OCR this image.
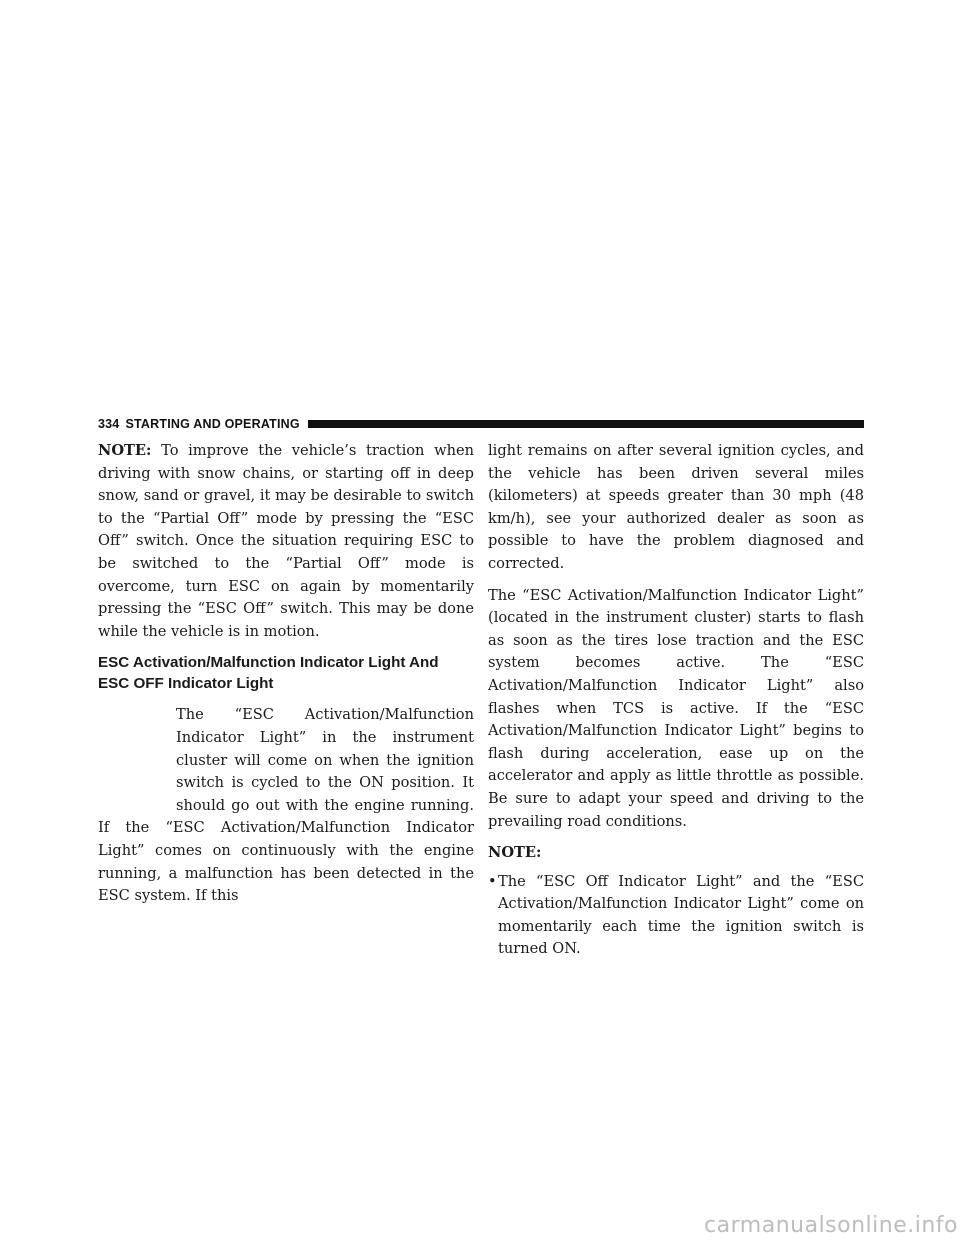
334 STARTING AND OPERATING

NOTE: To improve the vehicle’s traction when driving with snow chains, or starting off in deep snow, sand or gravel, it may be desirable to switch to the “Partial Off” mode by pressing the “ESC Off” switch. Once the situation requiring ESC to be switched to the “Partial Off” mode is overcome, turn ESC on again by momentarily pressing the “ESC Off” switch. This may be done while the vehicle is in motion.

ESC Activation/Malfunction Indicator Light And ESC OFF Indicator Light

The “ESC Activation/Malfunction Indicator Light” in the instrument cluster will come on when the ignition switch is cycled to the ON position. It should go out with the engine running. If the “ESC Activation/Malfunction Indicator Light” comes on continuously with the engine running, a malfunction has been detected in the ESC system. If this

light remains on after several ignition cycles, and the vehicle has been driven several miles (kilometers) at speeds greater than 30 mph (48 km/h), see your authorized dealer as soon as possible to have the problem diagnosed and corrected.

The “ESC Activation/Malfunction Indicator Light” (located in the instrument cluster) starts to flash as soon as the tires lose traction and the ESC system becomes active. The “ESC Activation/Malfunction Indicator Light” also flashes when TCS is active. If the “ESC Activation/Malfunction Indicator Light” begins to flash during acceleration, ease up on the accelerator and apply as little throttle as possible. Be sure to adapt your speed and driving to the prevailing road conditions.

NOTE:
• The “ESC Off Indicator Light” and the “ESC Activation/Malfunction Indicator Light” come on momentarily each time the ignition switch is turned ON.
carmanualsonline.info
